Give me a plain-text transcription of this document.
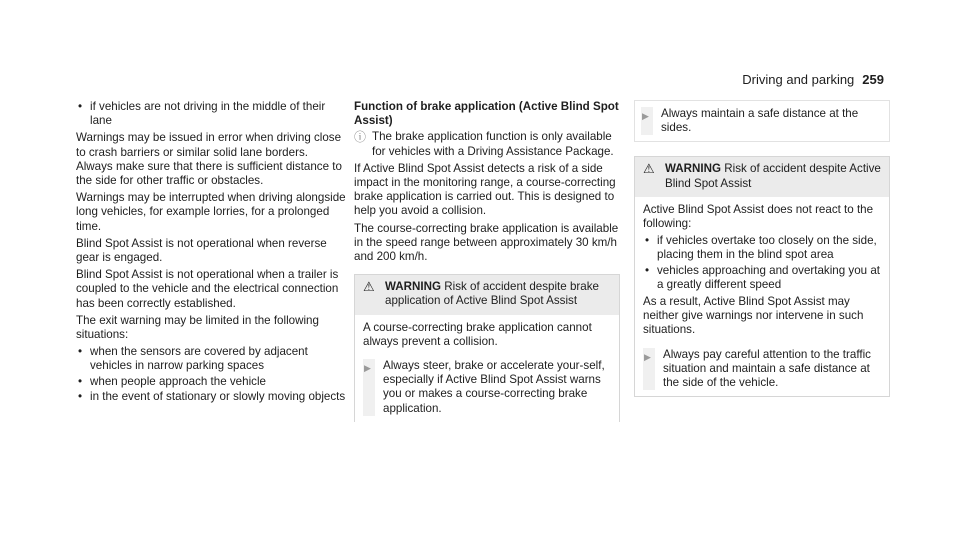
Driving and parking 259
• if vehicles are not driving in the middle of their lane

Warnings may be issued in error when driving close to crash barriers or similar solid lane borders. Always make sure that there is sufficient distance to the side for other traffic or obstacles.

Warnings may be interrupted when driving alongside long vehicles, for example lorries, for a prolonged time.

Blind Spot Assist is not operational when reverse gear is engaged.

Blind Spot Assist is not operational when a trailer is coupled to the vehicle and the electrical connection has been correctly established.

The exit warning may be limited in the following situations:

• when the sensors are covered by adjacent vehicles in narrow parking spaces
• when people approach the vehicle
• in the event of stationary or slowly moving objects
Function of brake application (Active Blind Spot Assist)
ⓘ The brake application function is only available for vehicles with a Driving Assistance Package.

If Active Blind Spot Assist detects a risk of a side impact in the monitoring range, a course-correcting brake application is carried out. This is designed to help you avoid a collision.

The course-correcting brake application is available in the speed range between approximately 30 km/h and 200 km/h.

⚠ WARNING Risk of accident despite brake application of Active Blind Spot Assist

A course-correcting brake application cannot always prevent a collision.

▶	Always steer, brake or accelerate your-self, especially if Active Blind Spot Assist warns you or makes a course-correcting brake application.
▶	Always maintain a safe distance at the sides.
⚠ WARNING Risk of accident despite Active Blind Spot Assist

Active Blind Spot Assist does not react to the following:

• if vehicles overtake too closely on the side, placing them in the blind spot area
• vehicles approaching and overtaking you at a greatly different speed

As a result, Active Blind Spot Assist may neither give warnings nor intervene in such situations.

▶	Always pay careful attention to the traffic situation and maintain a safe distance at the side of the vehicle.
